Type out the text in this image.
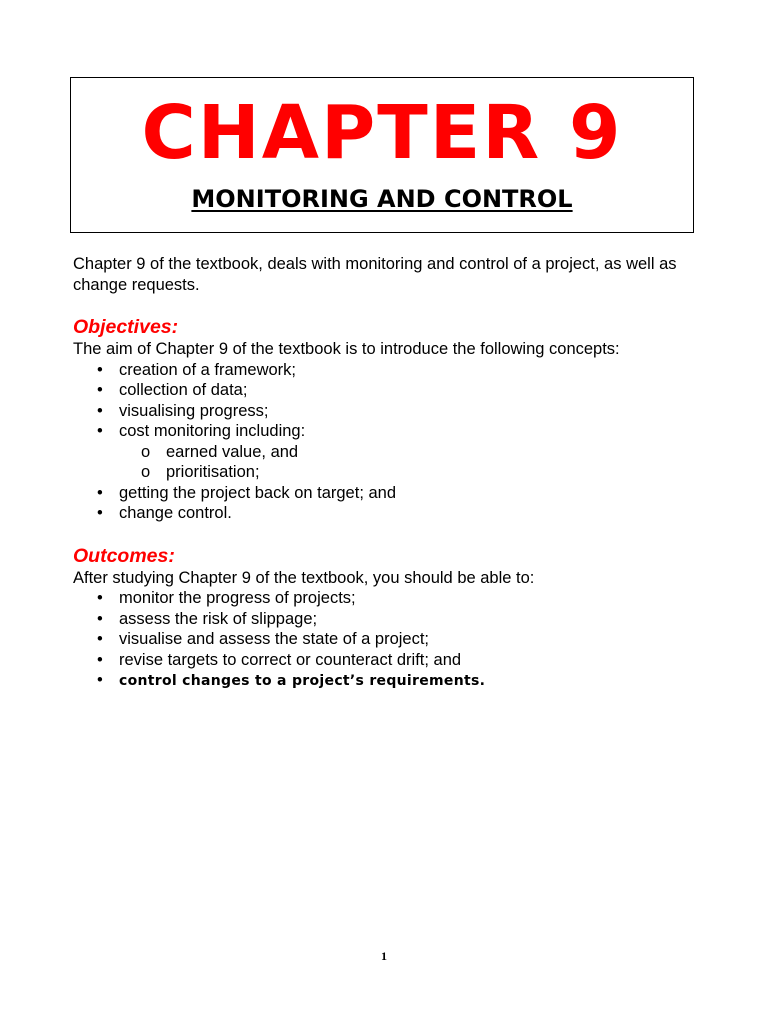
CHAPTER 9
MONITORING AND CONTROL

Chapter 9 of the textbook, deals with monitoring and control of a project, as well as change requests.

Objectives:

The aim of Chapter 9 of the textbook is to introduce the following concepts:

• creation of a framework;
• collection of data;
• visualising progress;
• cost monitoring including:
o earned value, and
o prioritisation;
• getting the project back on target; and
• change control.
Outcomes:

After studying Chapter 9 of the textbook, you should be able to:

• monitor the progress of projects;
• assess the risk of slippage;
• visualise and assess the state of a project;
• revise targets to correct or counteract drift; and
• control changes to a project’s requirements.

1
